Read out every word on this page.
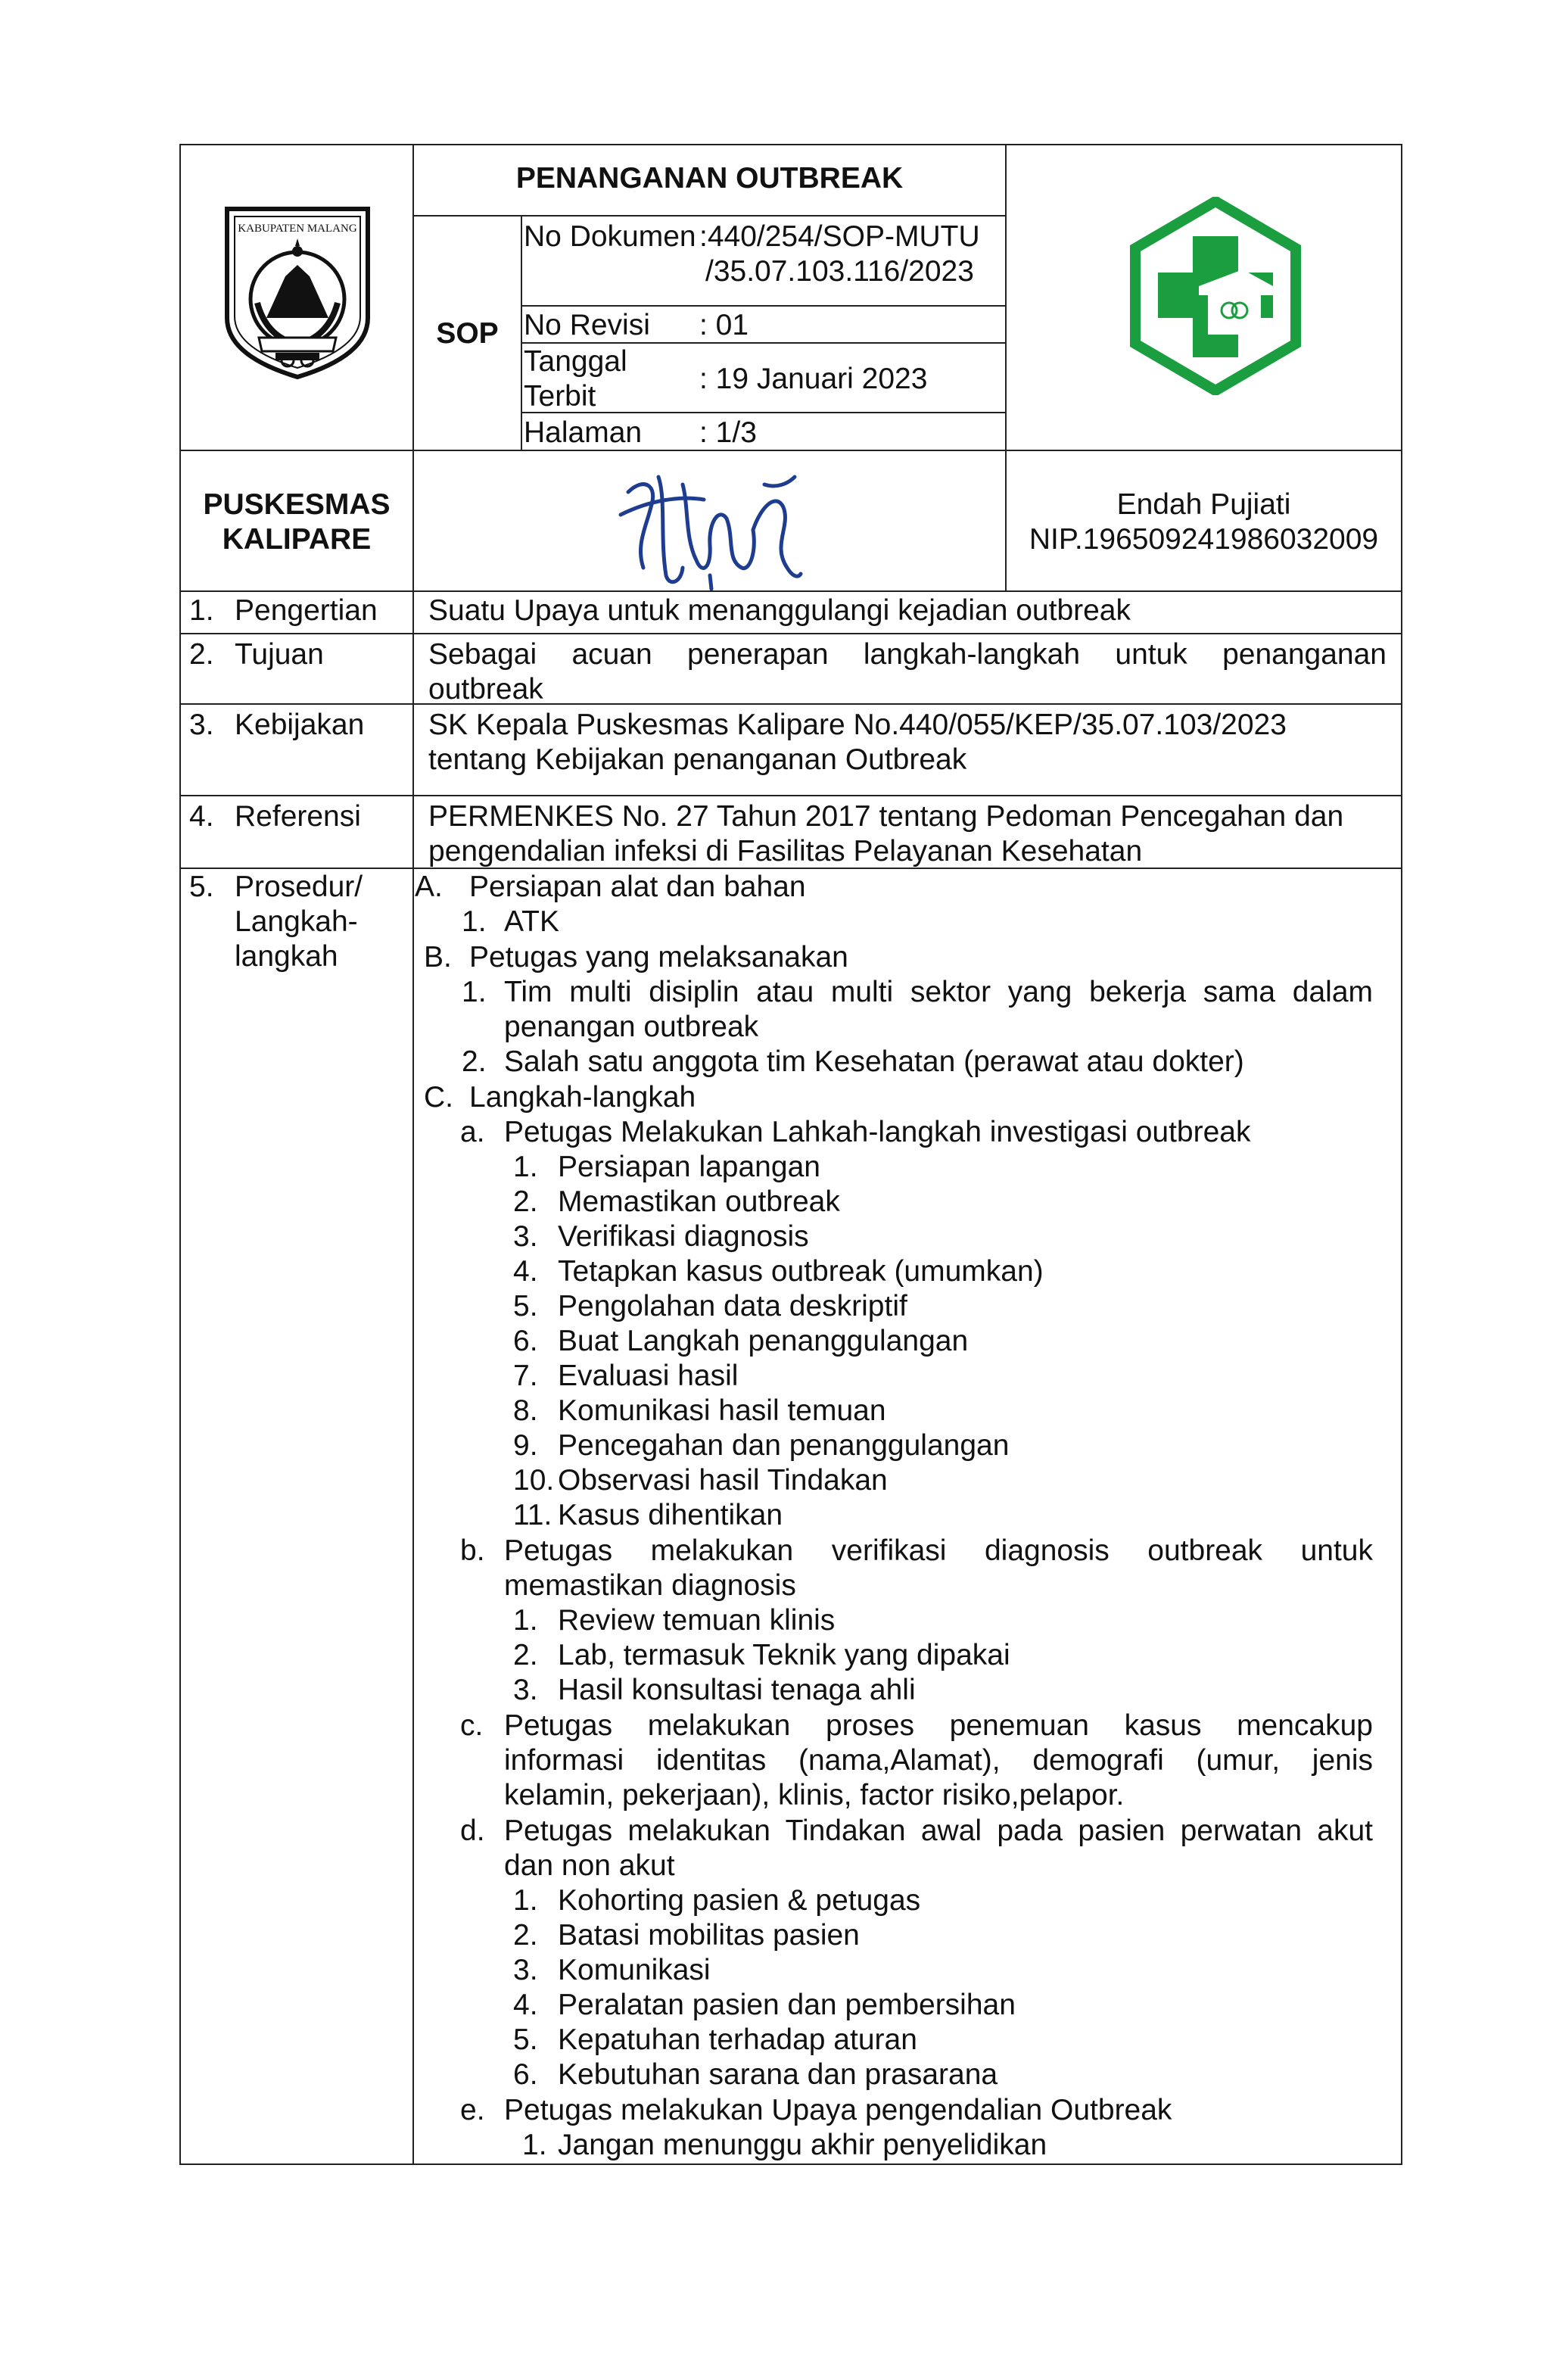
KABUPATEN MALANG
PENANGANAN OUTBREAK
SOP
No Dokumen :440/254/SOP-MUTU
/35.07.103.116/2023
No Revisi : 01
Tanggal
Terbit
: 19 Januari 2023
Halaman : 1/3
PUSKESMAS
KALIPARE
Endah Pujiati
NIP.196509241986032009
1. Pengertian Suatu Upaya untuk menanggulangi kejadian outbreak
2. Tujuan	Sebagai acuan penerapan langkah-langkah untuk penanganan
outbreak
3. Kebijakan SK Kepala Puskesmas Kalipare No.440/055/KEP/35.07.103/2023
tentang Kebijakan penanganan Outbreak
4. Referensi PERMENKES No. 27 Tahun 2017 tentang Pedoman Pencegahan dan
pengendalian infeksi di Fasilitas Pelayanan Kesehatan
5. Prosedur/
Langkah-
langkah
A. Persiapan alat dan bahan
1. ATK
B. Petugas yang melaksanakan
1. Tim multi disiplin atau multi sektor yang bekerja sama dalam
penangan outbreak
2. Salah satu anggota tim Kesehatan (perawat atau dokter)
C. Langkah-langkah
a. Petugas Melakukan Lahkah-langkah investigasi outbreak
1. Persiapan lapangan
2. Memastikan outbreak
3. Verifikasi diagnosis
4. Tetapkan kasus outbreak (umumkan)
5. Pengolahan data deskriptif
6. Buat Langkah penanggulangan
7. Evaluasi hasil
8. Komunikasi hasil temuan
9. Pencegahan dan penanggulangan
10. Observasi hasil Tindakan
11. Kasus dihentikan
b. Petugas melakukan verifikasi diagnosis outbreak untuk
memastikan diagnosis
1. Review temuan klinis
2. Lab, termasuk Teknik yang dipakai
3. Hasil konsultasi tenaga ahli
c. Petugas melakukan proses penemuan kasus mencakup
informasi identitas (nama,Alamat), demografi (umur, jenis
kelamin, pekerjaan), klinis, factor risiko,pelapor.
d. Petugas melakukan Tindakan awal pada pasien perwatan akut
dan non akut
1. Kohorting pasien & petugas
2. Batasi mobilitas pasien
3. Komunikasi
4. Peralatan pasien dan pembersihan
5. Kepatuhan terhadap aturan
6. Kebutuhan sarana dan prasarana
e. Petugas melakukan Upaya pengendalian Outbreak
1. Jangan menunggu akhir penyelidikan
